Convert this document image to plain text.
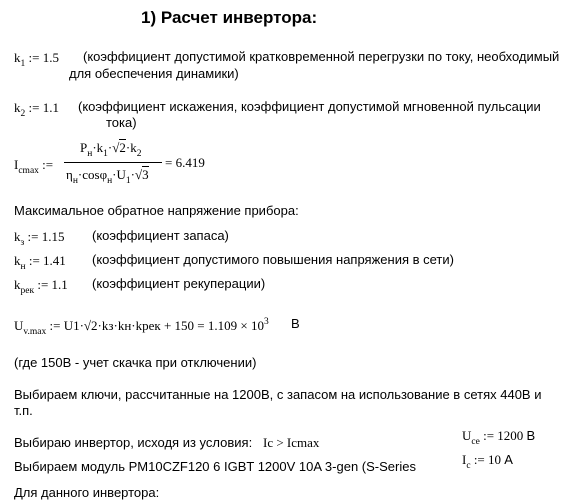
1) Расчет инвертора:
$k_1$ := 1.5 (коэффициент допустимой кратковременной перегрузки по току, необходимый
для обеспечения динамики)
$k_2$ := 1.1 (коэффициент искажения, коэффициент допустимой мгновенной пульсации
тока)
$I_{cmax}$ :=
$P_н\cdot k_1\cdot√2\cdot k_2$
$\eta_н\cdot\cos\varphi_н\cdot U_1\cdot√3$
= 6.419
Максимальное обратное напряжение прибора:
$k_з$ := 1.15 (коэффициент запаса)
$k_н$ := 1.41 (коэффициент допустимого повышения напряжения в сети)
$k_{рек}$ := 1.1 (коэффициент рекуперации)
$U_{v.max}$ := U1·√2·kз·kн·kрек + $150 = 1.109 \times 10^3$ В
(где 150В - учет скачка при отключении)
Выбираем ключи, рассчитанные на 1200В, с запасом на использование в сетях 440В и
т.п.
Выбираю инвертор, исходя из условия: Ic > Icmax	$U_{ce}$ := 1200 В
$I_c$ := 10 А
Выбираем модуль PM10CZF120 6 IGBT 1200V 10A 3-gen (S-Series
Для данного инвертора:
